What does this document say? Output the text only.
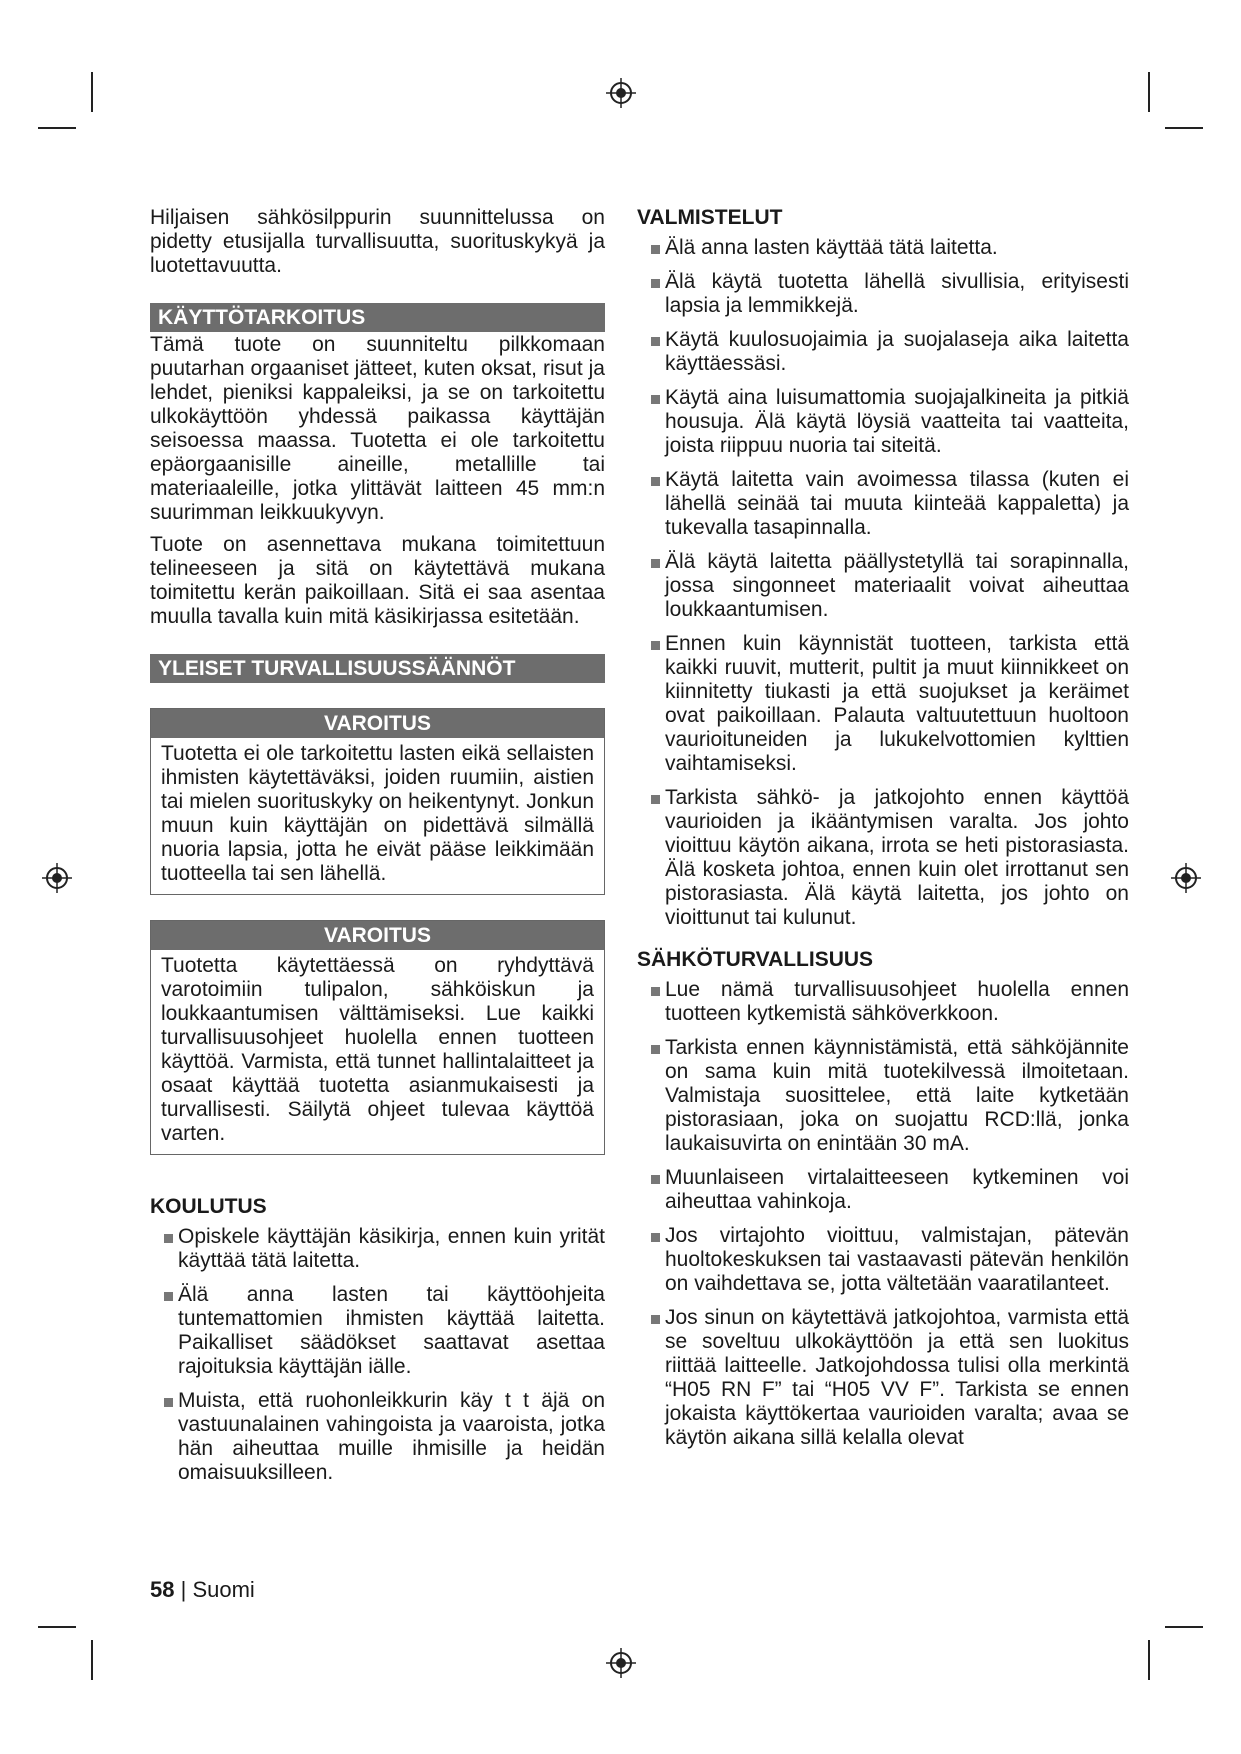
Hiljaisen sähkösilppurin suunnittelussa on pidetty etusijalla turvallisuutta, suorituskykyä ja luotettavuutta.

KÄYTTÖTARKOITUS

Tämä tuote on suunniteltu pilkkomaan puutarhan orgaaniset jätteet, kuten oksat, risut ja lehdet, pieniksi kappaleiksi, ja se on tarkoitettu ulkokäyttöön yhdessä paikassa käyttäjän seisoessa maassa. Tuotetta ei ole tarkoitettu epäorgaanisille aineille, metallille tai materiaaleille, jotka ylittävät laitteen 45 mm:n suurimman leikkuukyvyn.

Tuote on asennettava mukana toimitettuun telineeseen ja sitä on käytettävä mukana toimitettu kerän paikoillaan. Sitä ei saa asentaa muulla tavalla kuin mitä käsikirjassa esitetään.

YLEISET TURVALLISUUSSÄÄNNÖT
VAROITUS
Tuotetta ei ole tarkoitettu lasten eikä sellaisten ihmisten käytettäväksi, joiden ruumiin, aistien tai mielen suorituskyky on heikentynyt. Jonkun muun kuin käyttäjän on pidettävä silmällä nuoria lapsia, jotta he eivät pääse leikkimään tuotteella tai sen lähellä.
VAROITUS
Tuotetta käytettäessä on ryhdyttävä varotoimiin tulipalon, sähköiskun ja loukkaantumisen välttämiseksi. Lue kaikki turvallisuusohjeet huolella ennen tuotteen käyttöä. Varmista, että tunnet hallintalaitteet ja osaat käyttää tuotetta asianmukaisesti ja turvallisesti. Säilytä ohjeet tulevaa käyttöä varten.
KOULUTUS
Opiskele käyttäjän käsikirja, ennen kuin yrität käyttää tätä laitetta.
Älä anna lasten tai käyttöohjeita tuntemattomien ihmisten käyttää laitetta. Paikalliset säädökset saattavat asettaa rajoituksia käyttäjän iälle.
Muista, että ruohonleikkurin käy t t äjä on vastuunalainen vahingoista ja vaaroista, jotka hän aiheuttaa muille ihmisille ja heidän omaisuuksilleen.
VALMISTELUT
Älä anna lasten käyttää tätä laitetta.
Älä käytä tuotetta lähellä sivullisia, erityisesti lapsia ja lemmikkejä.
Käytä kuulosuojaimia ja suojalaseja aika laitetta käyttäessäsi.
Käytä aina luisumattomia suojajalkineita ja pitkiä housuja. Älä käytä löysiä vaatteita tai vaatteita, joista riippuu nuoria tai siteitä.
Käytä laitetta vain avoimessa tilassa (kuten ei lähellä seinää tai muuta kiinteää kappaletta) ja tukevalla tasapinnalla.
Älä käytä laitetta päällystetyllä tai sorapinnalla, jossa singonneet materiaalit voivat aiheuttaa loukkaantumisen.
Ennen kuin käynnistät tuotteen, tarkista että kaikki ruuvit, mutterit, pultit ja muut kiinnikkeet on kiinnitetty tiukasti ja että suojukset ja keräimet ovat paikoillaan. Palauta valtuutettuun huoltoon vaurioituneiden ja lukukelvottomien kylttien vaihtamiseksi.
Tarkista sähkö- ja jatkojohto ennen käyttöä vaurioiden ja ikääntymisen varalta. Jos johto vioittuu käytön aikana, irrota se heti pistorasiasta. Älä kosketa johtoa, ennen kuin olet irrottanut sen pistorasiasta. Älä käytä laitetta, jos johto on vioittunut tai kulunut.
SÄHKÖTURVALLISUUS
Lue nämä turvallisuusohjeet huolella ennen tuotteen kytkemistä sähköverkkoon.
Tarkista ennen käynnistämistä, että sähköjännite on sama kuin mitä tuotekilvessä ilmoitetaan. Valmistaja suosittelee, että laite kytketään pistorasiaan, joka on suojattu RCD:llä, jonka laukaisuvirta on enintään 30 mA.
Muunlaiseen virtalaitteeseen kytkeminen voi aiheuttaa vahinkoja.
Jos virtajohto vioittuu, valmistajan, pätevän huoltokeskuksen tai vastaavasti pätevän henkilön on vaihdettava se, jotta vältetään vaaratilanteet.
Jos sinun on käytettävä jatkojohtoa, varmista että se soveltuu ulkokäyttöön ja että sen luokitus riittää laitteelle. Jatkojohdossa tulisi olla merkintä “H05 RN F” tai “H05 VV F”. Tarkista se ennen jokaista käyttökertaa vaurioiden varalta; avaa se käytön aikana sillä kelalla olevat
58 | Suomi
